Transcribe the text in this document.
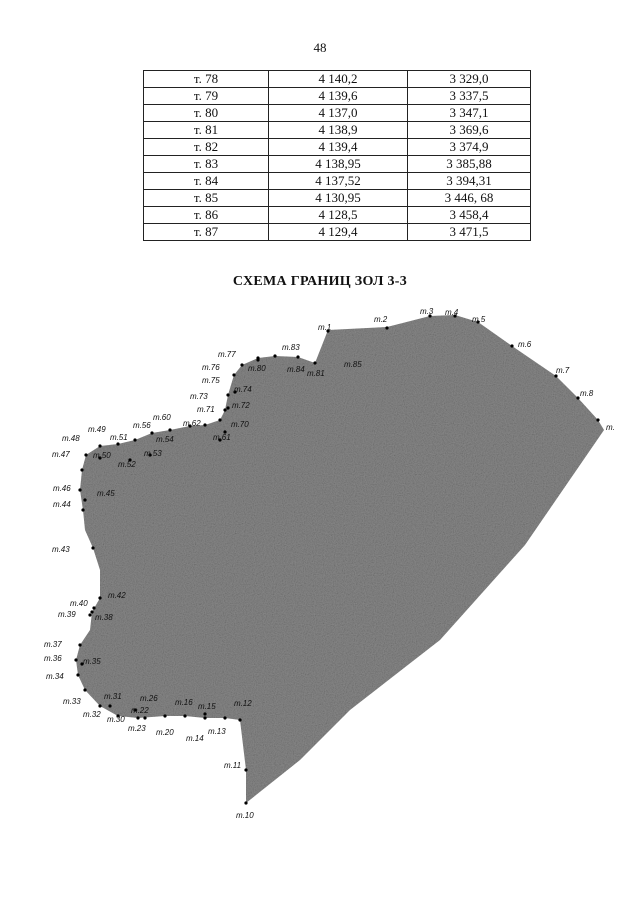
48
т. 78	4 140,2	3 329,0
т. 79	4 139,6	3 337,5
т. 80	4 137,0	3 347,1
т. 81	4 138,9	3 369,6
т. 82	4 139,4	3 374,9
т. 83	4 138,95	3 385,88
т. 84	4 137,52	3 394,31
т. 85	4 130,95	3 446, 68
т. 86	4 128,5	3 458,4
т. 87	4 129,4	3 471,5
СХЕМА ГРАНИЦ ЗОЛ 3-3
т.1
т.2
т.3 т.4
т.5
т.6
т.7
т.8
т.
т.10
т.11
т.12
т.13
т.14
т.15
т.16
т.20
т.22
т.23
т.26
т.30
т.31
т.32
т.33
т.34
т.35
т.36
т.37
т.38
т.39
т.40
т.42
т.43
т.44
т.45
т.46
т.47
т.48
т.49
т.50
т.51
т.52
т.53
т.54
т.56
т.60
т.61
т.62	т.70
т.71 т.72
т.73
т.74
т.75
т.76
т.77
т.80
т.81
т.83
т.84
т.85
